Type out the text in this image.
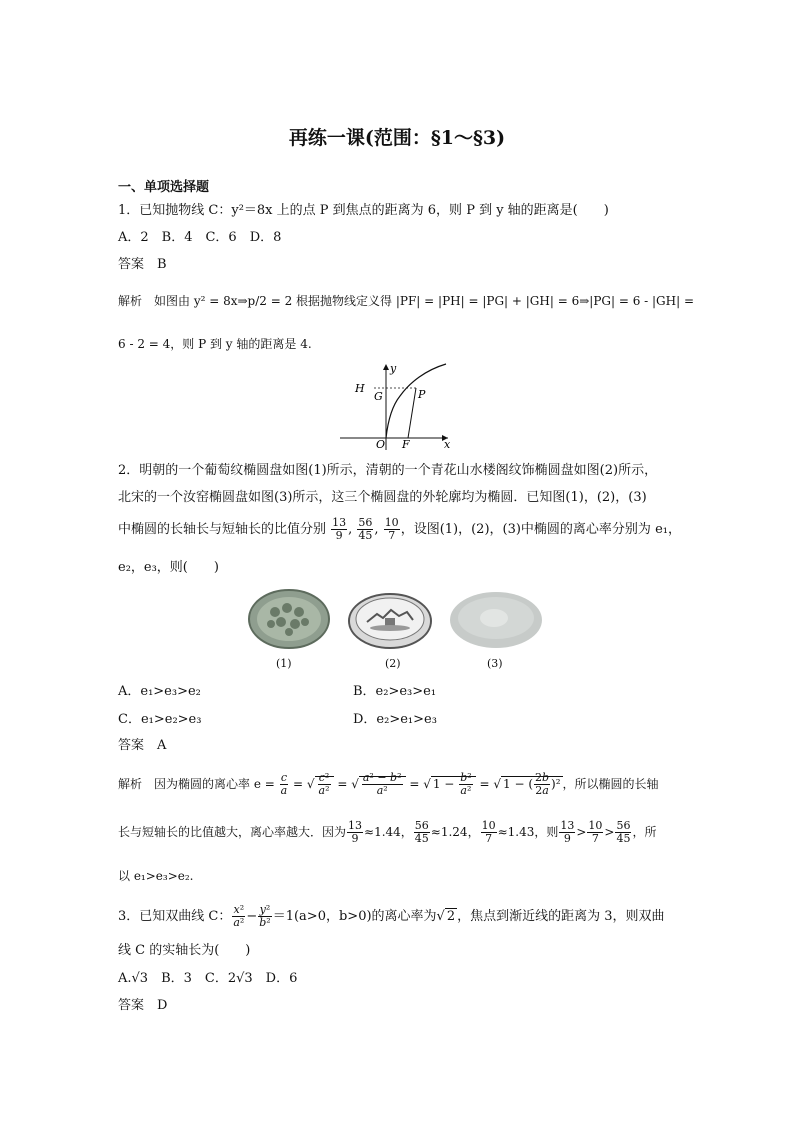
再练一课(范围：§1～§3)
一、单项选择题
1．已知抛物线 C：y²＝8x 上的点 P 到焦点的距离为 6，则 P 到 y 轴的距离是(　　)
A．2　B．4　C．6　D．8
答案　B
解析　如图由 y² = 8x⇒p/2 = 2 根据抛物线定义得 |PF| = |PH| = |PG| + |GH| = 6⇒|PG| = 6 - |GH| =
6 - 2 = 4，则 P 到 y 轴的距离是 4.
y
x
H
G	P
O F
2．明朝的一个葡萄纹椭圆盘如图(1)所示，清朝的一个青花山水楼阁纹饰椭圆盘如图(2)所示，
北宋的一个汝窑椭圆盘如图(3)所示，这三个椭圆盘的外轮廓均为椭圆．已知图(1)，(2)，(3)
中椭圆的长轴长与短轴长的比值分别 $\frac{13}{9}$ , $\frac{56}{45}$ , $\frac{10}{7}$ ，设图(1)，(2)，(3)中椭圆的离心率分别为 e₁，
e₂，e₃，则(　　)
(1)	(2)	(3)
A．e₁>e₃>e₂	B．e₂>e₃>e₁
C．e₁>e₂>e₃	D．e₂>e₁>e₃
答案　A
解析　因为椭圆的离心率 $e = \frac{c}{a}$ = √ $\frac{\text{c²}}{\text{a²}}$ = √ $\frac{\text{a² − b²}}{\text{a²}}$ = √ $1 - \frac{\text{b²}}{\text{a²}}$ = √ 1 − ( $\frac{2b}{2a} )^2$ ，所以椭圆的长轴
长与短轴长的比值越大，离心率越大．因为 $\frac{13}{9} \approx 1.44$， $\frac{56}{45} \approx 1.24$， $\frac{10}{7} \approx 1.43$，则 $\frac{13}{9} > \frac{10}{7} > \frac{56}{45}$ ，所
以 e₁>e₃>e₂.
3．已知双曲线 C： $\frac{\text{x²}}{\text{a²}} - \frac{\text{y²}}{\text{b²}} =1(a>0$，b>0)的离心率为√ 2 ，焦点到渐近线的距离为 3，则双曲
线 C 的实轴长为(　　)
A.√3　B．3　C．2√3　D．6
答案　D
